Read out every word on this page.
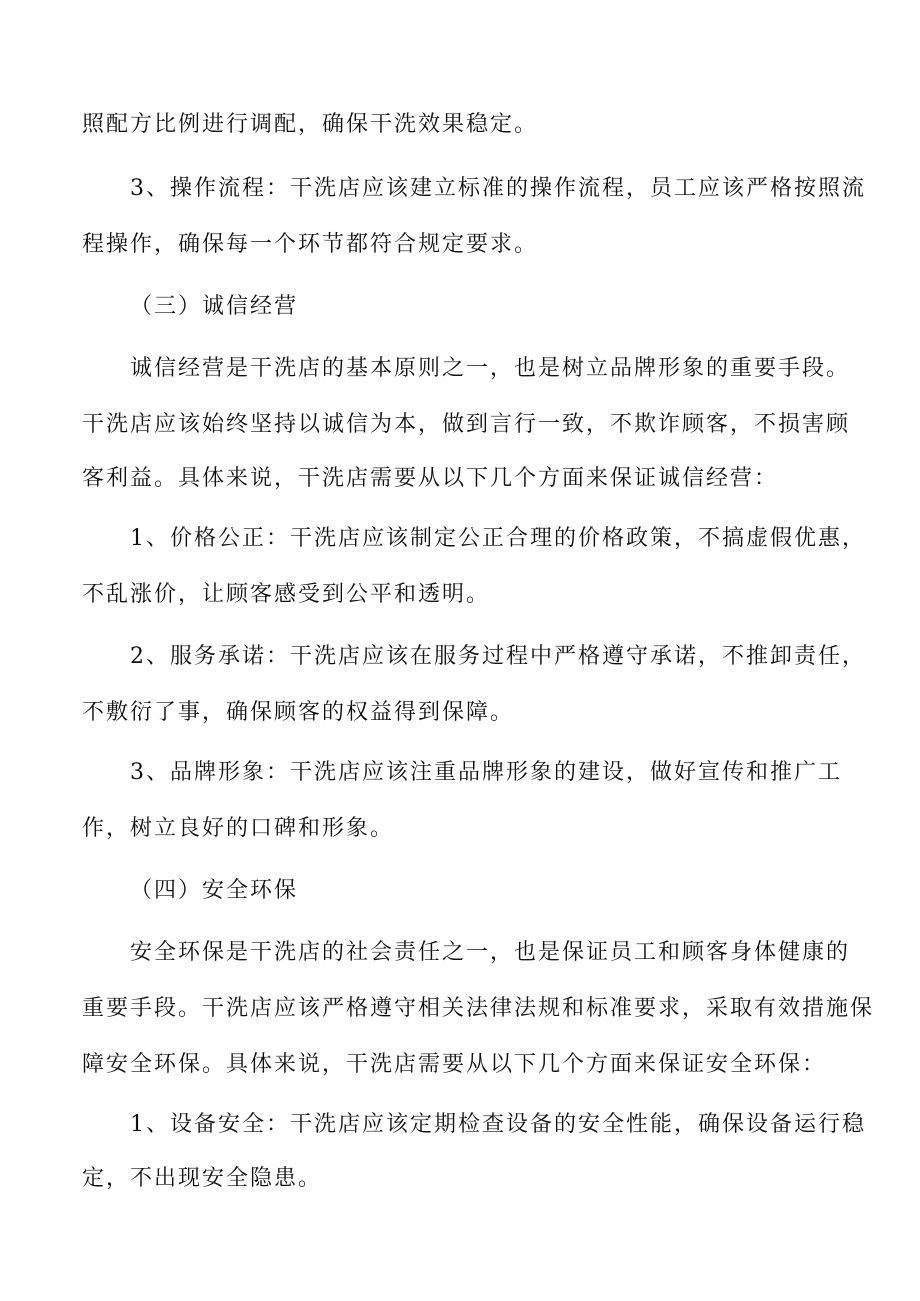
照配方比例进行调配，确保干洗效果稳定。
3、操作流程：干洗店应该建立标准的操作流程，员工应该严格按照流
程操作，确保每一个环节都符合规定要求。
（三）诚信经营
诚信经营是干洗店的基本原则之一，也是树立品牌形象的重要手段。
干洗店应该始终坚持以诚信为本，做到言行一致，不欺诈顾客，不损害顾
客利益。具体来说，干洗店需要从以下几个方面来保证诚信经营：
1、价格公正：干洗店应该制定公正合理的价格政策，不搞虚假优惠，
不乱涨价，让顾客感受到公平和透明。
2、服务承诺：干洗店应该在服务过程中严格遵守承诺，不推卸责任，
不敷衍了事，确保顾客的权益得到保障。
3、品牌形象：干洗店应该注重品牌形象的建设，做好宣传和推广工
作，树立良好的口碑和形象。
（四）安全环保
安全环保是干洗店的社会责任之一，也是保证员工和顾客身体健康的
重要手段。干洗店应该严格遵守相关法律法规和标准要求，采取有效措施保
障安全环保。具体来说，干洗店需要从以下几个方面来保证安全环保：
1、设备安全：干洗店应该定期检查设备的安全性能，确保设备运行稳
定，不出现安全隐患。
